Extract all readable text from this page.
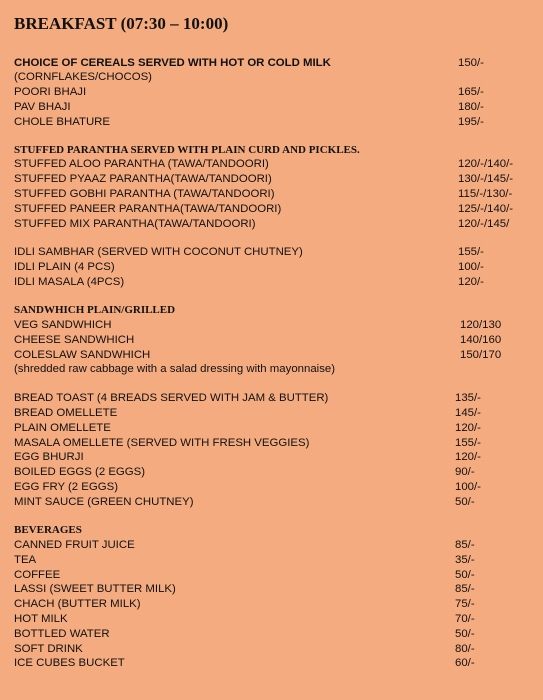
BREAKFAST (07:30 – 10:00)
CHOICE OF CEREALS SERVED WITH HOT OR COLD MILK	150/-
(CORNFLAKES/CHOCOS)
POORI BHAJI	165/-
PAV BHAJI	180/-
CHOLE BHATURE	195/-
STUFFED PARANTHA SERVED WITH PLAIN CURD AND PICKLES.
STUFFED ALOO PARANTHA (TAWA/TANDOORI)	120/-/140/-
STUFFED PYAAZ PARANTHA(TAWA/TANDOORI)	130/-/145/-
STUFFED GOBHI PARANTHA (TAWA/TANDOORI)	115/-/130/-
STUFFED PANEER PARANTHA(TAWA/TANDOORI)	125/-/140/-
STUFFED MIX PARANTHA(TAWA/TANDOORI)	120/-/145/
IDLI SAMBHAR (SERVED WITH COCONUT CHUTNEY)	155/-
IDLI PLAIN (4 PCS)	100/-
IDLI MASALA (4PCS)	120/-
SANDWHICH PLAIN/GRILLED
VEG SANDWHICH	120/130
CHEESE SANDWHICH	140/160
COLESLAW SANDWHICH	150/170
(shredded raw cabbage with a salad dressing with mayonnaise)
BREAD TOAST (4 BREADS SERVED WITH JAM & BUTTER)	135/-
BREAD OMELLETE	145/-
PLAIN OMELLETE	120/-
MASALA OMELLETE (SERVED WITH FRESH VEGGIES)	155/-
EGG BHURJI	120/-
BOILED EGGS (2 EGGS)	90/-
EGG FRY (2 EGGS)	100/-
MINT SAUCE (GREEN CHUTNEY)	50/-
BEVERAGES
CANNED FRUIT JUICE	85/-
TEA	35/-
COFFEE	50/-
LASSI (SWEET BUTTER MILK)	85/-
CHACH (BUTTER MILK)	75/-
HOT MILK	70/-
BOTTLED WATER	50/-
SOFT DRINK	80/-
ICE CUBES BUCKET	60/-
